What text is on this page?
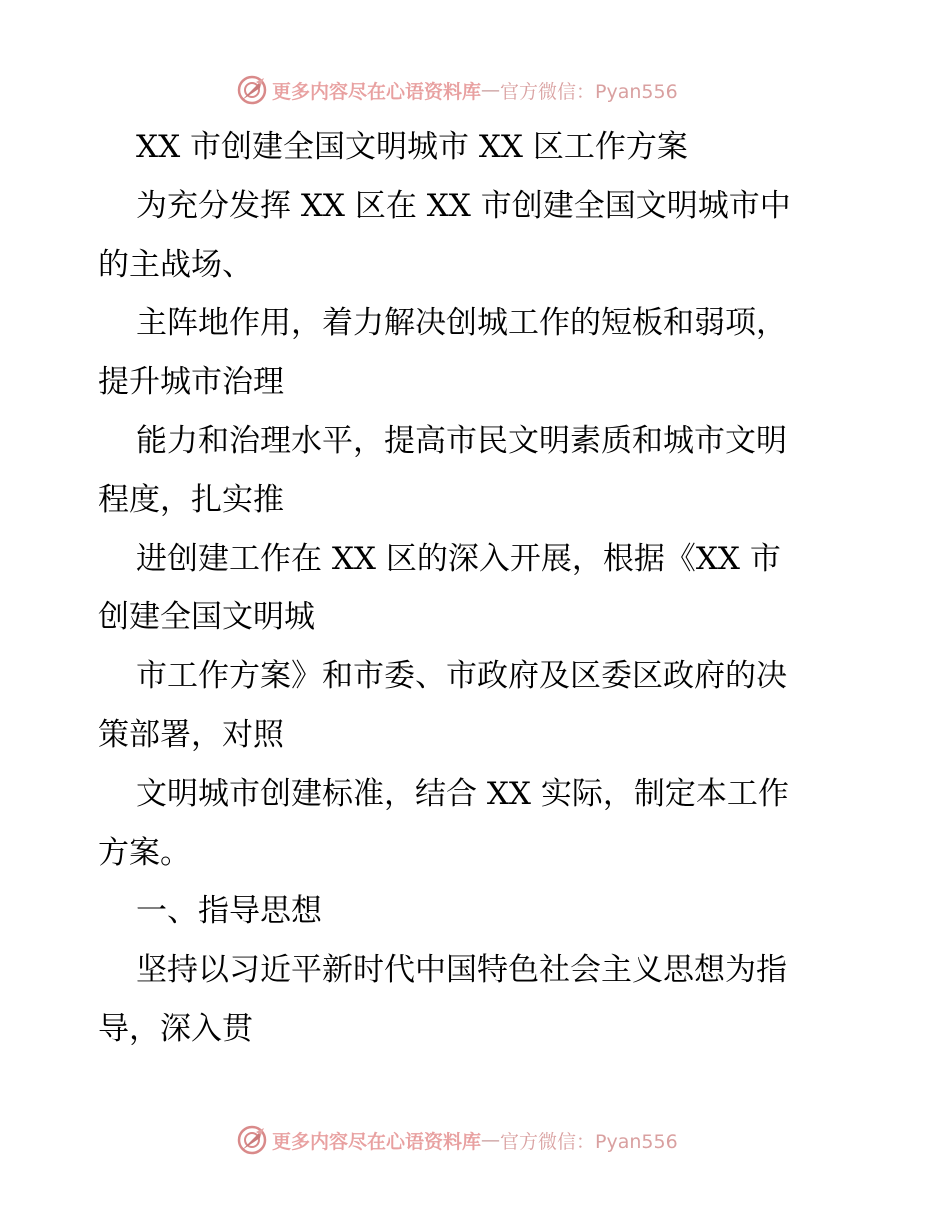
更多内容尽在心语资料库 — 官方微信：Pyan556
XX 市创建全国文明城市 XX 区工作方案
为充分发挥 XX 区在 XX 市创建全国文明城市中
的主战场、
主阵地作用，着力解决创城工作的短板和弱项，
提升城市治理
能力和治理水平，提高市民文明素质和城市文明
程度，扎实推
进创建工作在 XX 区的深入开展，根据《XX 市
创建全国文明城
市工作方案》和市委、市政府及区委区政府的决
策部署，对照
文明城市创建标准，结合 XX 实际，制定本工作
方案。
一、指导思想
坚持以习近平新时代中国特色社会主义思想为指
导，深入贯
更多内容尽在心语资料库 — 官方微信：Pyan556
